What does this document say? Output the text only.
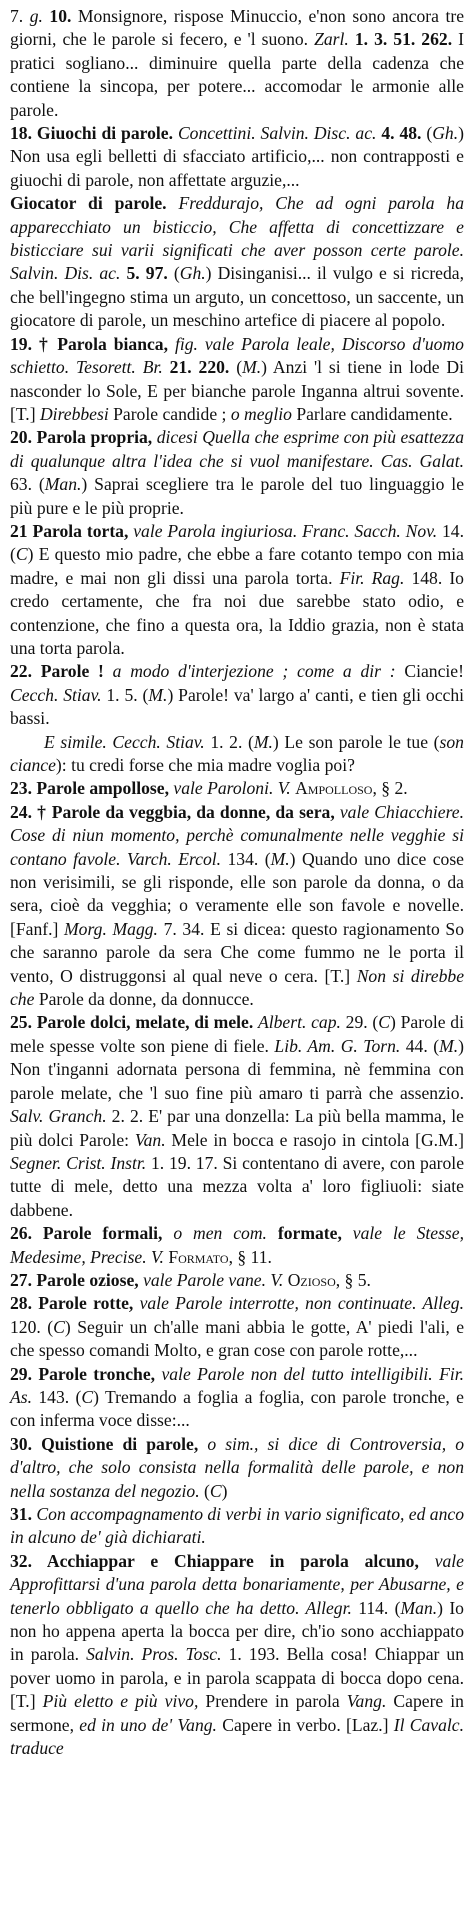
7. g. 10. Monsignore, rispose Minuccio, e'non sono ancora tre giorni, che le parole si fecero, e 'l suono. Zarl. 1. 3. 51. 262. I pratici sogliano... diminuire quella parte della cadenza che contiene la sincopa, per potere... accomodar le armonie alle parole.

18. Giuochi di parole. Concettini. Salvin. Disc. ac. 4. 48. (Gh.) Non usa egli belletti di sfacciato artificio,... non contrapposti e giuochi di parole, non affettate arguzie,...

Giocator di parole. Freddurajo, Che ad ogni parola ha apparecchiato un bisticcio, Che affetta di concettizzare e bisticciare sui varii significati che aver posson certe parole. Salvin. Dis. ac. 5. 97. (Gh.) Disinganisi... il vulgo e si ricreda, che bell'ingegno stima un arguto, un concettoso, un saccente, un giocatore di parole, un meschino artefice di piacere al popolo.

19. † Parola bianca, fig. vale Parola leale, Discorso d'uomo schietto. Tesorett. Br. 21. 220. (M.) Anzi 'l si tiene in lode Di nasconder lo Sole, E per bianche parole Inganna altrui sovente. [T.] Direbbesi Parole candide ; o meglio Parlare candidamente.

20. Parola propria, dicesi Quella che esprime con più esattezza di qualunque altra l'idea che si vuol manifestare. Cas. Galat. 63. (Man.) Saprai scegliere tra le parole del tuo linguaggio le più pure e le più proprie.

21 Parola torta, vale Parola ingiuriosa. Franc. Sacch. Nov. 14. (C) E questo mio padre, che ebbe a fare cotanto tempo con mia madre, e mai non gli dissi una parola torta. Fir. Rag. 148. Io credo certamente, che fra noi due sarebbe stato odio, e contenzione, che fino a questa ora, la Iddio grazia, non è stata una torta parola.

22. Parole ! a modo d'interjezione ; come a dir : Ciancie! Cecch. Stiav. 1. 5. (M.) Parole! va' largo a' canti, e tien gli occhi bassi.

E simile. Cecch. Stiav. 1. 2. (M.) Le son parole le tue (son ciance): tu credi forse che mia madre voglia poi?

23. Parole ampollose, vale Paroloni. V. Ampolloso, § 2.

24. † Parole da veggbia, da donne, da sera, vale Chiacchiere. Cose di niun momento, perchè comunalmente nelle vegghie si contano favole. Varch. Ercol. 134. (M.) Quando uno dice cose non verisimili, se gli risponde, elle son parole da donna, o da sera, cioè da vegghia; o veramente elle son favole e novelle. [Fanf.] Morg. Magg. 7. 34. E si dicea: questo ragionamento So che saranno parole da sera Che come fummo ne le porta il vento, O distruggonsi al qual neve o cera. [T.] Non si direbbe che Parole da donne, da donnucce.

25. Parole dolci, melate, di mele. Albert. cap. 29. (C) Parole di mele spesse volte son piene di fiele. Lib. Am. G. Torn. 44. (M.) Non t'inganni adornata persona di femmina, nè femmina con parole melate, che 'l suo fine più amaro ti parrà che assenzio. Salv. Granch. 2. 2. E' par una donzella: La più bella mamma, le più dolci Parole: Van. Mele in bocca e rasojo in cintola [G.M.] Segner. Crist. Instr. 1. 19. 17. Si contentano di avere, con parole tutte di mele, detto una mezza volta a' loro figliuoli: siate dabbene.

26. Parole formali, o men com. formate, vale le Stesse, Medesime, Precise. V. Formato, § 11.

27. Parole oziose, vale Parole vane. V. Ozioso, § 5.

28. Parole rotte, vale Parole interrotte, non continuate. Alleg. 120. (C) Seguir un ch'alle mani abbia le gotte, A' piedi l'ali, e che spesso comandi Molto, e gran cose con parole rotte,...

29. Parole tronche, vale Parole non del tutto intelligibili. Fir. As. 143. (C) Tremando a foglia a foglia, con parole tronche, e con inferma voce disse:...

30. Quistione di parole, o sim., si dice di Controversia, o d'altro, che solo consista nella formalità delle parole, e non nella sostanza del negozio. (C)

31. Con accompagnamento di verbi in vario significato, ed anco in alcuno de' già dichiarati.

32. Acchiappar e Chiappare in parola alcuno, vale Approfittarsi d'una parola detta bonariamente, per Abusarne, e tenerlo obbligato a quello che ha detto. Allegr. 114. (Man.) Io non ho appena aperta la bocca per dire, ch'io sono acchiappato in parola. Salvin. Pros. Tosc. 1. 193. Bella cosa! Chiappar un pover uomo in parola, e in parola scappata di bocca dopo cena. [T.] Più eletto e più vivo, Prendere in parola Vang. Capere in sermone, ed in uno de' Vang. Capere in verbo. [Laz.] Il Cavalc. traduce
